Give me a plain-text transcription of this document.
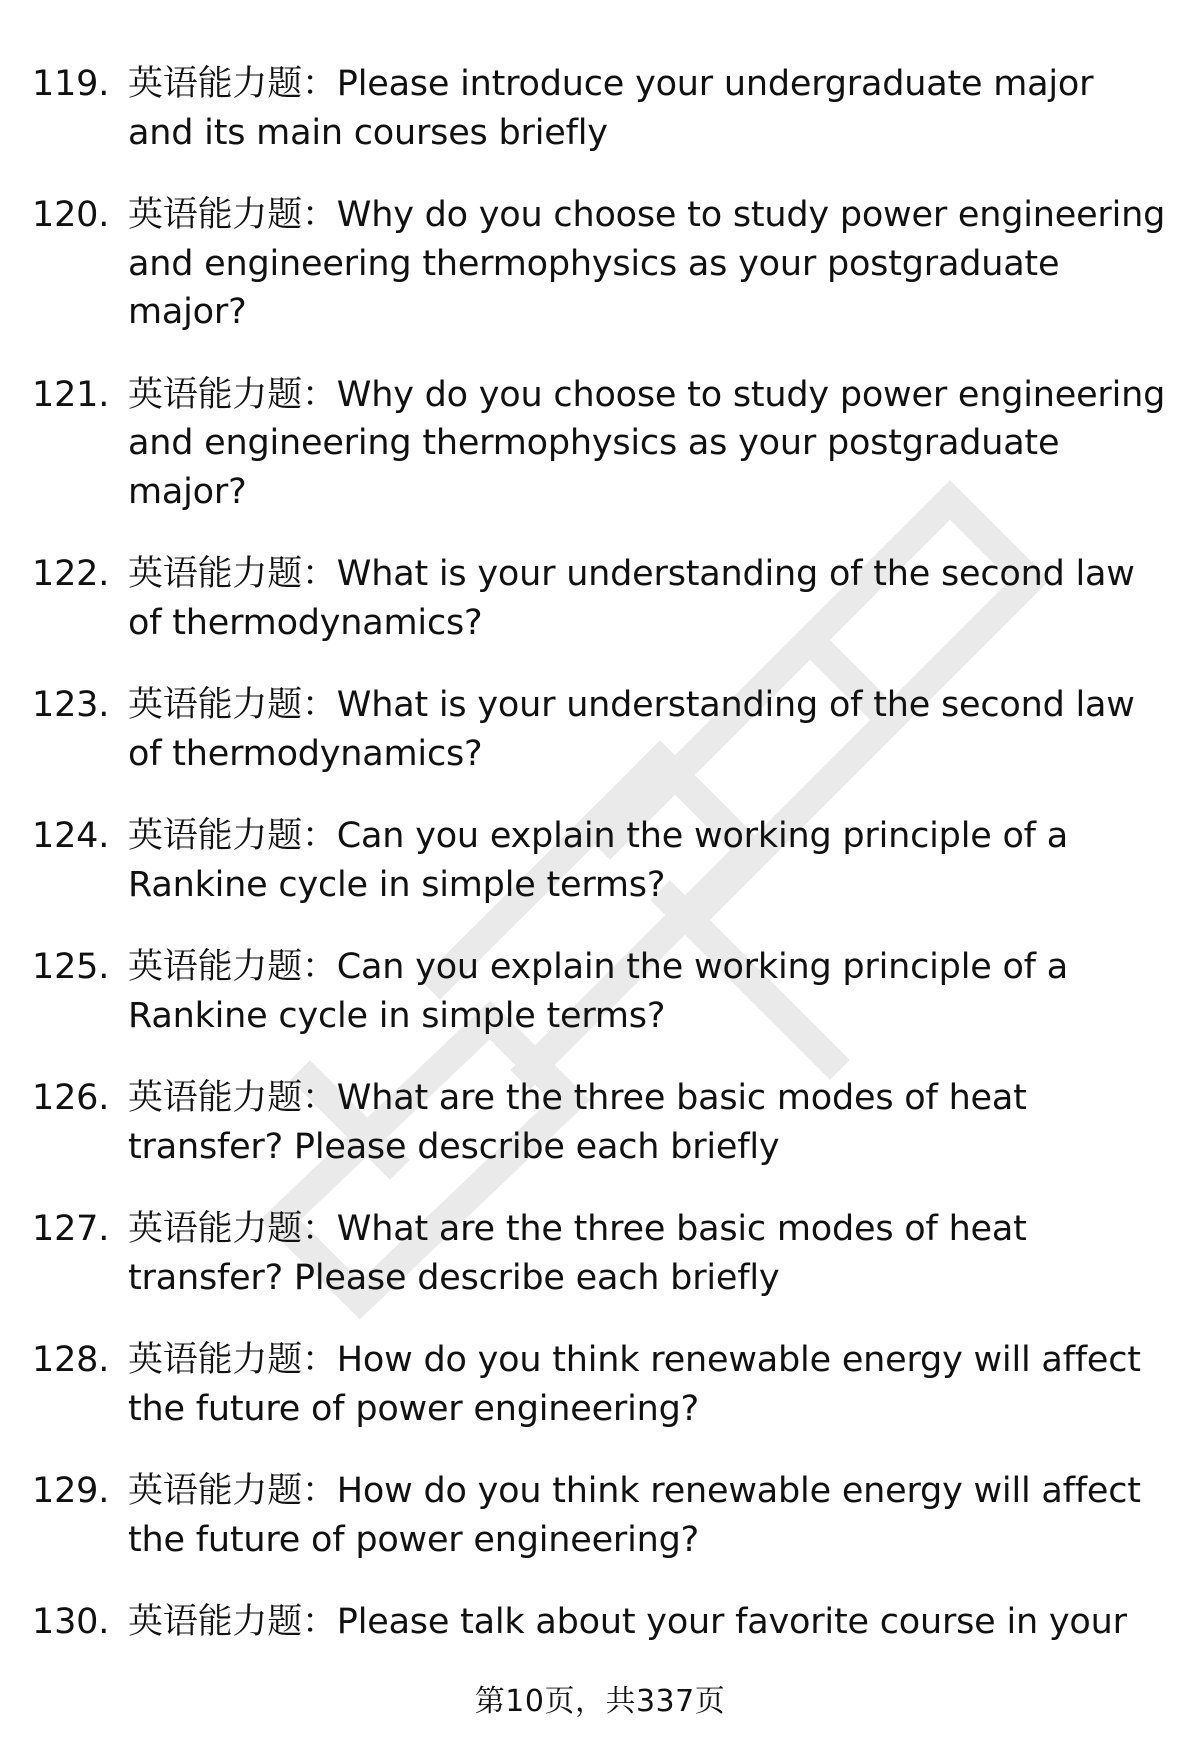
119. 英语能力题：Please introduce your undergraduate major and its main courses briefly
120. 英语能力题：Why do you choose to study power engineering and engineering thermophysics as your postgraduate major?
121. 英语能力题：Why do you choose to study power engineering and engineering thermophysics as your postgraduate major?
122. 英语能力题：What is your understanding of the second law of thermodynamics?
123. 英语能力题：What is your understanding of the second law of thermodynamics?
124. 英语能力题：Can you explain the working principle of a Rankine cycle in simple terms?
125. 英语能力题：Can you explain the working principle of a Rankine cycle in simple terms?
126. 英语能力题：What are the three basic modes of heat transfer? Please describe each briefly
127. 英语能力题：What are the three basic modes of heat transfer? Please describe each briefly
128. 英语能力题：How do you think renewable energy will affect the future of power engineering?
129. 英语能力题：How do you think renewable energy will affect the future of power engineering?
130. 英语能力题：Please talk about your favorite course in your
第10页，共337页
